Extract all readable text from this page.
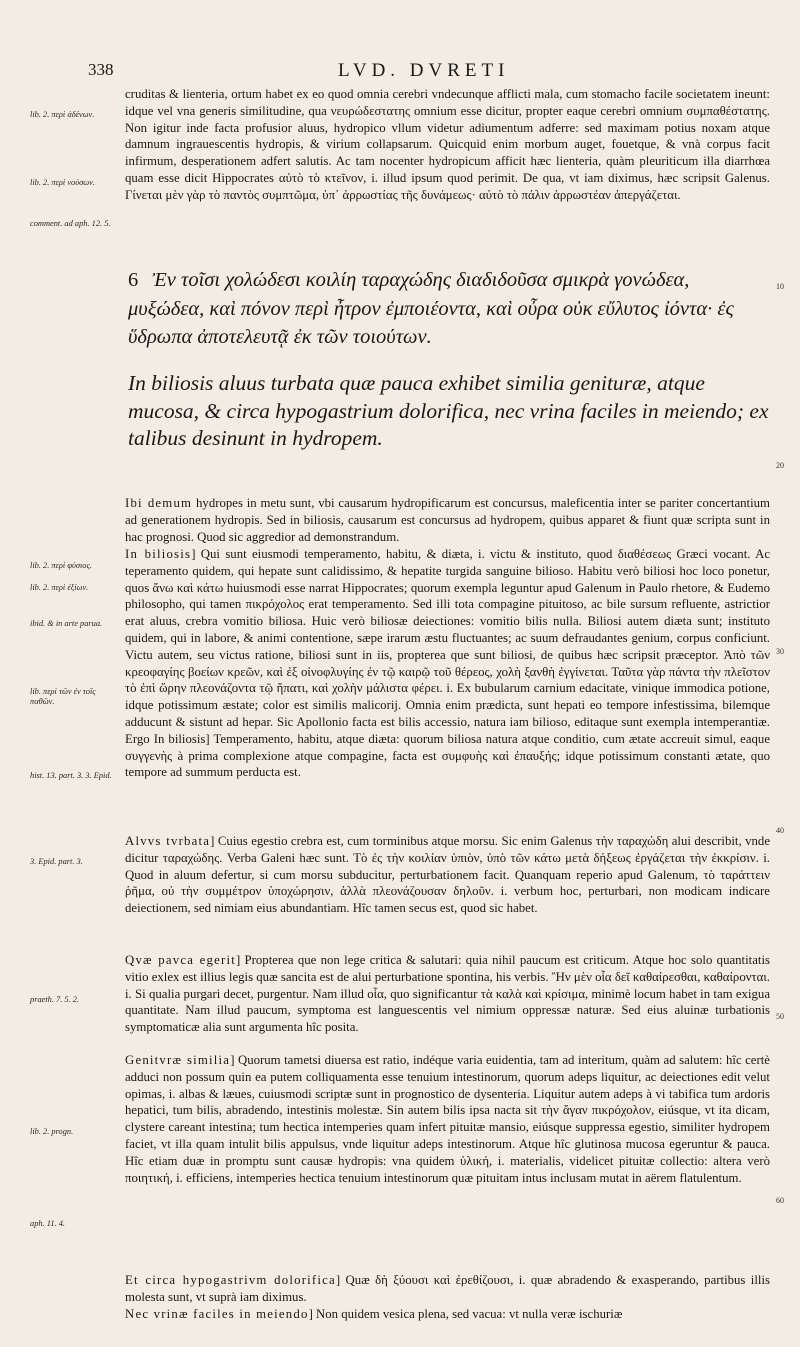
338	LVD. DVRETI
lib. 2. περὶ ἀδένων.
lib. 2. περὶ νούσων.
comment. ad aph. 12. 5.
lib. 2. περὶ φύσιος.
lib. 2. περὶ ἐξίων.
ibid. & in arte parua.
lib. περὶ τῶν ἐν τοῖς παθῶν.
hist. 13. part. 3. 3. Epid.
3. Epid. part. 3.
praeth. 7. 5. 2.
lib. 2. progn.
aph. 11. 4.
10
20
30
40
50
60

cruditas & lienteria, ortum habet ex eo quod omnia cerebri vndecunque afflicti mala, cum stomacho facile societatem ineunt: idque vel vna generis similitudine, qua νευρώδεστατης omnium esse dicitur, propter eaque cerebri omnium συμπαθέστατης. Non igitur inde facta profusior aluus, hydropico vllum videtur adiumentum adferre: sed maximam potius noxam atque damnum ingrauescentis hydropis, & virium collapsarum. Quicquid enim morbum auget, fouetque, & vnà corpus facit infirmum, desperationem adfert salutis. Ac tam nocenter hydropicum afficit hæc lienteria, quàm pleuriticum illa diarrhœa quam esse dicit Hippocrates αὐτὸ τὸ κτεῖνον, i. illud ipsum quod perimit. De qua, vt iam diximus, hæc scripsit Galenus. Γίνεται μὲν γὰρ τὸ παντὸς συμπτῶμα, ὑπ᾽ ἀρρωστίας τῆς δυνάμεως· αὐτὸ τὸ πάλιν ἀρρωστέαν ἀπεργάζεται.

6 Ἐν τοῖσι χολώδεσι κοιλίη ταραχώδης διαδιδοῦσα σμικρὰ γονώδεα, μυξώδεα, καὶ πόνον περὶ ἦτρον ἐμποιέοντα, καὶ οὖρα οὐκ εὔλυτος ἰόντα· ἐς ὕδρωπα ἀποτελευτᾷ ἐκ τῶν τοιούτων.

In biliosis aluus turbata quæ pauca exhibet similia genituræ, atque mucosa, & circa hypogastrium dolorifica, nec vrina faciles in meiendo; ex talibus desinunt in hydropem.

Ibi demum hydropes in metu sunt, vbi causarum hydropificarum est concursus, maleficentia inter se pariter concertantium ad generationem hydropis. Sed in biliosis, causarum est concursus ad hydropem, quibus apparet & fiunt quæ scripta sunt in hac prognosi. Quod sic aggredior ad demonstrandum.

In biliosis] Qui sunt eiusmodi temperamento, habitu, & diæta, i. victu & instituto, quod διαθέσεως Græci vocant. Ac teperamento quidem, qui hepate sunt calidissimo, & hepatite turgida sanguine bilioso. Habitu verò biliosi hoc loco ponetur, quos ἄνω καὶ κάτω huiusmodi esse narrat Hippocrates; quorum exempla leguntur apud Galenum in Paulo rhetore, & Eudemo philosopho, qui tamen πικρόχολος erat temperamento. Sed illi tota compagine pituitoso, ac bile sursum refluente, astrictior erat aluus, crebra vomitio biliosa. Huic verò biliosæ deiectiones: vomitio bilis nulla. Biliosi autem diæta sunt; instituto quidem, qui in labore, & animi contentione, sæpe irarum æstu fluctuantes; ac suum defraudantes genium, corpus conficiunt. Victu autem, seu victus ratione, biliosi sunt in iis, propterea que sunt biliosi, de quibus hæc scripsit præceptor. Ἀπὸ τῶν κρεοφαγίης βοείων κρεῶν, καὶ ἐξ οἰνοφλυγίης ἐν τῷ καιρῷ τοῦ θέρεος, χολὴ ξανθὴ ἐγγίνεται. Ταῦτα γὰρ πάντα τὴν πλεῖστον τὸ ἐπὶ ὥρην πλεονάζοντα τῷ ἥπατι, καὶ χολὴν μάλιστα φέρει. i. Ex bubularum carnium edacitate, vinique immodica potione, idque potissimum æstate; color est similis malicorij. Omnia enim prædicta, sunt hepati eo tempore infestissima, bilemque adducunt & sistunt ad hepar. Sic Apollonio facta est bilis accessio, natura iam bilioso, editaque sunt exempla intemperantiæ. Ergo In biliosis] Temperamento, habitu, atque diæta: quorum biliosa natura atque conditio, cum ætate accreuit simul, eaque συγγενὴς à prima complexione atque compagine, facta est συμφυὴς καὶ ἐπαυξής; idque potissimum constanti ætate, quo tempore ad summum perducta est.

Alvvs tvrbata] Cuius egestio crebra est, cum torminibus atque morsu. Sic enim Galenus τὴν ταραχώδη alui describit, vnde dicitur ταραχώδης. Verba Galeni hæc sunt. Τὸ ἐς τὴν κοιλίαν ὑπιὸν, ὑπὸ τῶν κάτω μετὰ δήξεως ἐργάζεται τὴν ἐκκρίσιν. i. Quod in aluum defertur, si cum morsu subducitur, perturbationem facit. Quanquam reperio apud Galenum, τὸ ταράττειν ῥῆμα, οὐ τὴν συμμέτρον ὑποχώρησιν, ἀλλὰ πλεονάζουσαν δηλοῦν. i. verbum hoc, perturbari, non modicam indicare deiectionem, sed nimiam eius abundantiam. Hîc tamen secus est, quod sic habet.

Qvæ pavca egerit] Propterea que non lege critica & salutari: quia nihil paucum est criticum. Atque hoc solo quantitatis vitio exlex est illius legis quæ sancita est de alui perturbatione spontina, his verbis. Ἢν μὲν οἷα δεῖ καθαίρεσθαι, καθαίρονται. i. Si qualia purgari decet, purgentur. Nam illud οἷα, quo significantur τὰ καλὰ καὶ κρίσιμα, minimè locum habet in tam exigua quantitate. Nam illud paucum, symptoma est languescentis vel nimium oppressæ naturæ. Sed eius aluinæ turbationis symptomaticæ alia sunt argumenta hîc posita.

Genitvræ similia] Quorum tametsi diuersa est ratio, indéque varia euidentia, tam ad interitum, quàm ad salutem: hîc certè adduci non possum quin ea putem colliquamenta esse tenuium intestinorum, quorum adeps liquitur, ac deiectiones edit velut opimas, i. albas & læues, cuiusmodi scriptæ sunt in prognostico de dysenteria. Liquitur autem adeps à vi tabifica tum ardoris hepatici, tum bilis, abradendo, intestinis molestæ. Sin autem bilis ipsa nacta sit τὴν ἄγαν πικρόχολον, eiúsque, vt ita dicam, clystere careant intestina; tum hectica intemperies quam infert pituitæ mansio, eiúsque suppressa egestio, similiter hydropem faciet, vt illa quam intulit bilis appulsus, vnde liquitur adeps intestinorum. Atque hîc glutinosa mucosa egeruntur & pauca. Hîc etiam duæ in promptu sunt causæ hydropis: vna quidem ὑλική, i. materialis, videlicet pituitæ collectio: altera verò ποιητική, i. efficiens, intemperies hectica tenuium intestinorum quæ pituitam intus inclusam mutat in aërem flatulentum.

Et circa hypogastrivm dolorifica] Quæ δὴ ξύουσι καὶ ἐρεθίζουσι, i. quæ abradendo & exasperando, partibus illis molesta sunt, vt suprà iam diximus.

Nec vrinæ faciles in meiendo] Non quidem vesica plena, sed vacua: vt nulla veræ ischuriæ
